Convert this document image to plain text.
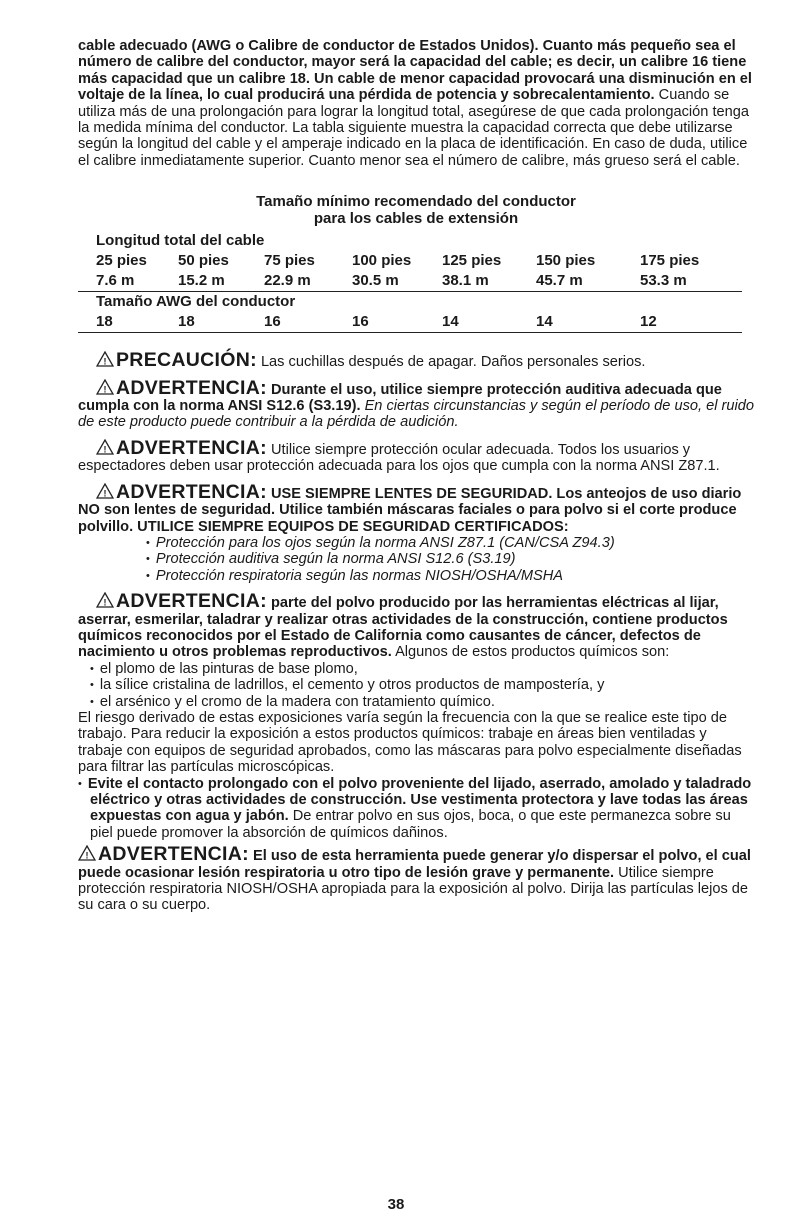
cable adecuado (AWG o Calibre de conductor de Estados Unidos). Cuanto más pequeño sea el número de calibre del conductor, mayor será la capacidad del cable; es decir, un calibre 16 tiene más capacidad que un calibre 18. Un cable de menor capacidad provocará una disminución en el voltaje de la línea, lo cual producirá una pérdida de potencia y sobrecalentamiento. Cuando se utiliza más de una prolongación para lograr la longitud total, asegúrese de que cada prolongación tenga la medida mínima del conductor. La tabla siguiente muestra la capacidad correcta que debe utilizarse según la longitud del cable y el amperaje indicado en la placa de identificación. En caso de duda, utilice el calibre inmediatamente superior. Cuanto menor sea el número de calibre, más grueso será el cable.

Tamaño mínimo recomendado del conductor
para los cables de extensión
Longitud total del cable
25 pies	50 pies	75 pies	100 pies	125 pies	150 pies	175 pies
7.6 m	15.2 m	22.9 m	30.5 m	38.1 m	45.7 m	53.3 m
Tamaño AWG del conductor
18	18	16	16	14	14	12

! PRECAUCIÓN: Las cuchillas después de apagar. Daños personales serios.

! ADVERTENCIA: Durante el uso, utilice siempre protección auditiva adecuada que cumpla con la norma ANSI S12.6 (S3.19). En ciertas circunstancias y según el período de uso, el ruido de este producto puede contribuir a la pérdida de audición.

! ADVERTENCIA: Utilice siempre protección ocular adecuada. Todos los usuarios y espectadores deben usar protección adecuada para los ojos que cumpla con la norma ANSI Z87.1.

! ADVERTENCIA: USE SIEMPRE LENTES DE SEGURIDAD. Los anteojos de uso diario NO son lentes de seguridad. Utilice también máscaras faciales o para polvo si el corte produce polvillo. UTILICE SIEMPRE EQUIPOS DE SEGURIDAD CERTIFICADOS:

• Protección para los ojos según la norma ANSI Z87.1 (CAN/CSA Z94.3)
• Protección auditiva según la norma ANSI S12.6 (S3.19)
• Protección respiratoria según las normas NIOSH/OSHA/MSHA

! ADVERTENCIA: parte del polvo producido por las herramientas eléctricas al lijar, aserrar, esmerilar, taladrar y realizar otras actividades de la construcción, contiene productos químicos reconocidos por el Estado de California como causantes de cáncer, defectos de nacimiento u otros problemas reproductivos. Algunos de estos productos químicos son:

• el plomo de las pinturas de base plomo,
• la sílice cristalina de ladrillos, el cemento y otros productos de mampostería, y
• el arsénico y el cromo de la madera con tratamiento químico.

El riesgo derivado de estas exposiciones varía según la frecuencia con la que se realice este tipo de trabajo. Para reducir la exposición a estos productos químicos: trabaje en áreas bien ventiladas y trabaje con equipos de seguridad aprobados, como las máscaras para polvo especialmente diseñadas para filtrar las partículas microscópicas.

• Evite el contacto prolongado con el polvo proveniente del lijado, aserrado, amolado y taladrado eléctrico y otras actividades de construcción. Use vestimenta protectora y lave todas las áreas expuestas con agua y jabón. De entrar polvo en sus ojos, boca, o que este permanezca sobre su piel puede promover la absorción de químicos dañinos.

! ADVERTENCIA: El uso de esta herramienta puede generar y/o dispersar el polvo, el cual puede ocasionar lesión respiratoria u otro tipo de lesión grave y permanente. Utilice siempre protección respiratoria NIOSH/OSHA apropiada para la exposición al polvo. Dirija las partículas lejos de su cara o su cuerpo.

38
